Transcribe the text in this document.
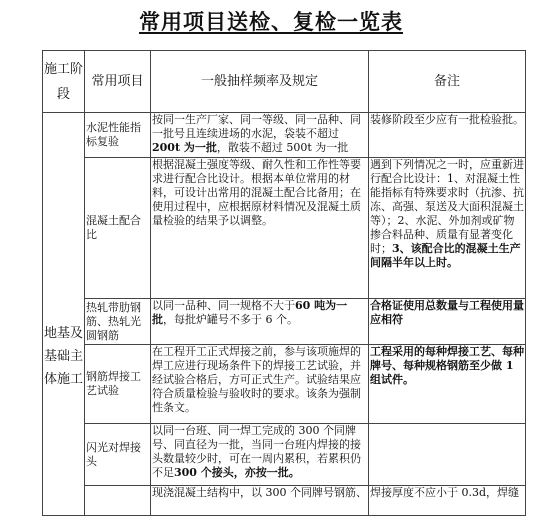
常用项目送检、复检一览表
施工阶段	常用项目	一般抽样频率及规定	备注
地基及基础主体施工	水泥性能指标复验	按同一生产厂家、同一等级、同一品种、同一批号且连续进场的水泥，袋装不超过200t 为一批，散装不超过 500t 为一批	装修阶段至少应有一批检验批。
	混凝土配合比	根据混凝土强度等级、耐久性和工作性等要求进行配合比设计。根据本单位常用的材料，可设计出常用的混凝土配合比备用；在使用过程中，应根据原材料情况及混凝土质量检验的结果予以调整。	遇到下列情况之一时，应重新进行配合比设计：1、对混凝土性能指标有特殊要求时（抗渗、抗冻、高强、泵送及大面积混凝土等）；2、水泥、外加剂或矿物掺合料品种、质量有显著变化时；3、该配合比的混凝土生产间隔半年以上时。
	热轧带肋钢筋、热轧光圆钢筋	以同一品种、同一规格不大于60 吨为一批，每批炉罐号不多于 6 个。	合格证使用总数量与工程使用量应相符
	钢筋焊接工艺试验	在工程开工正式焊接之前，参与该项施焊的焊工应进行现场条件下的焊接工艺试验，并经试验合格后，方可正式生产。试验结果应符合质量检验与验收时的要求。该条为强制性条文。	工程采用的每种焊接工艺、每种牌号、每种规格钢筋至少做 1 组试件。
	闪光对焊接头	以同一台班、同一焊工完成的 300 个同牌号、同直径为一批，当同一台班内焊接的接头数量较少时，可在一周内累积，若累积仍不足300 个接头，亦按一批。	
		现浇混凝土结构中，以 300 个同牌号钢筋、	焊接厚度不应小于 0.3d，焊缝
